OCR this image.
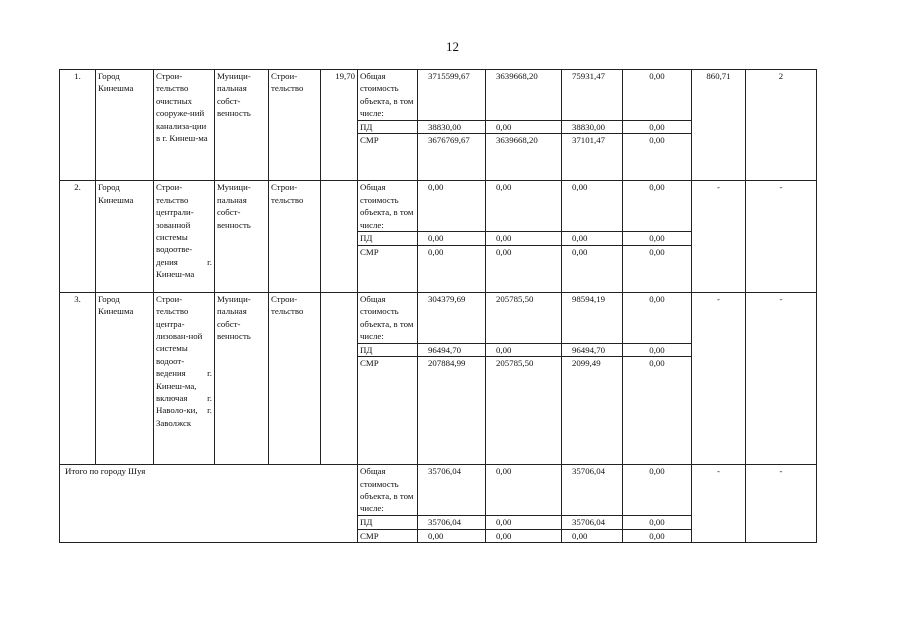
12
1.	Город Кинешма	Строи-тельство очистных сооруже-ний канализа-ции в г. Кинеш-ма	Муници-пальная собст-венность	Строи-тельство	19,70	Общая стоимость объекта, в том числе:	3715599,67	3639668,20	75931,47	0,00	860,71	2
						ПД	38830,00	0,00	38830,00	0,00		
						СМР	3676769,67	3639668,20	37101,47	0,00		
2.	Город Кинешма	Строи-тельство централи-зованной системы водоотве-дения г. Кинеш-ма	Муници-пальная собст-венность	Строи-тельство		Общая стоимость объекта, в том числе:	0,00	0,00	0,00	0,00	-	-
						ПД	0,00	0,00	0,00	0,00		
						СМР	0,00	0,00	0,00	0,00		
3.	Город Кинешма	Строи-тельство центра-лизован-ной системы водоот-ведения г. Кинеш-ма, включая г. Наволо-ки, г. Заволжск	Муници-пальная собст-венность	Строи-тельство		Общая стоимость объекта, в том числе:	304379,69	205785,50	98594,19	0,00	-	-
						ПД	96494,70	0,00	96494,70	0,00		
						СМР	207884,99	205785,50	2099,49	0,00		
Итого по городу Шуя						Общая стоимость объекта, в том числе:	35706,04	0,00	35706,04	0,00	-	-
						ПД	35706,04	0,00	35706,04	0,00		
						СМР	0,00	0,00	0,00	0,00		
